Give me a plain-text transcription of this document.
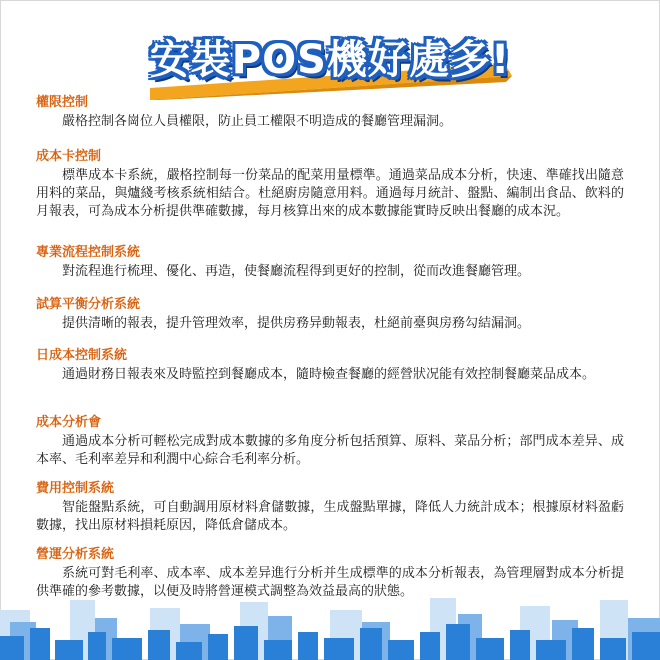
安裝POS機好處多!

權限控制

嚴格控制各崗位人員權限，防止員工權限不明造成的餐廳管理漏洞。

成本卡控制

標準成本卡系統，嚴格控制每一份菜品的配菜用量標準。通過菜品成本分析，快速、準確找出隨意用料的菜品，與爐綫考核系統相結合。杜絕廚房隨意用料。通過每月統計、盤點、編制出食品、飲料的月報表，可為成本分析提供準確數據，每月核算出來的成本數據能實時反映出餐廳的成本況。

專業流程控制系統

對流程進行梳理、優化、再造，使餐廳流程得到更好的控制，從而改進餐廳管理。

試算平衡分析系統

提供清晰的報表，提升管理效率，提供房務异動報表，杜絕前臺與房務勾結漏洞。

日成本控制系統

通過財務日報表來及時監控到餐廳成本，隨時檢查餐廳的經營狀况能有效控制餐廳菜品成本。

成本分析會

通過成本分析可輕松完成對成本數據的多角度分析包括預算、原料、菜品分析；部門成本差异、成本率、毛利率差异和利潤中心綜合毛利率分析。

費用控制系統

智能盤點系統，可自動調用原材料倉儲數據，生成盤點單據，降低人力統計成本；根據原材料盈虧數據，找出原材料損耗原因，降低倉儲成本。

營運分析系統

系統可對毛利率、成本率、成本差异進行分析并生成標準的成本分析報表，為管理層對成本分析提供準確的參考數據，以便及時將營運模式調整為效益最高的狀態。
